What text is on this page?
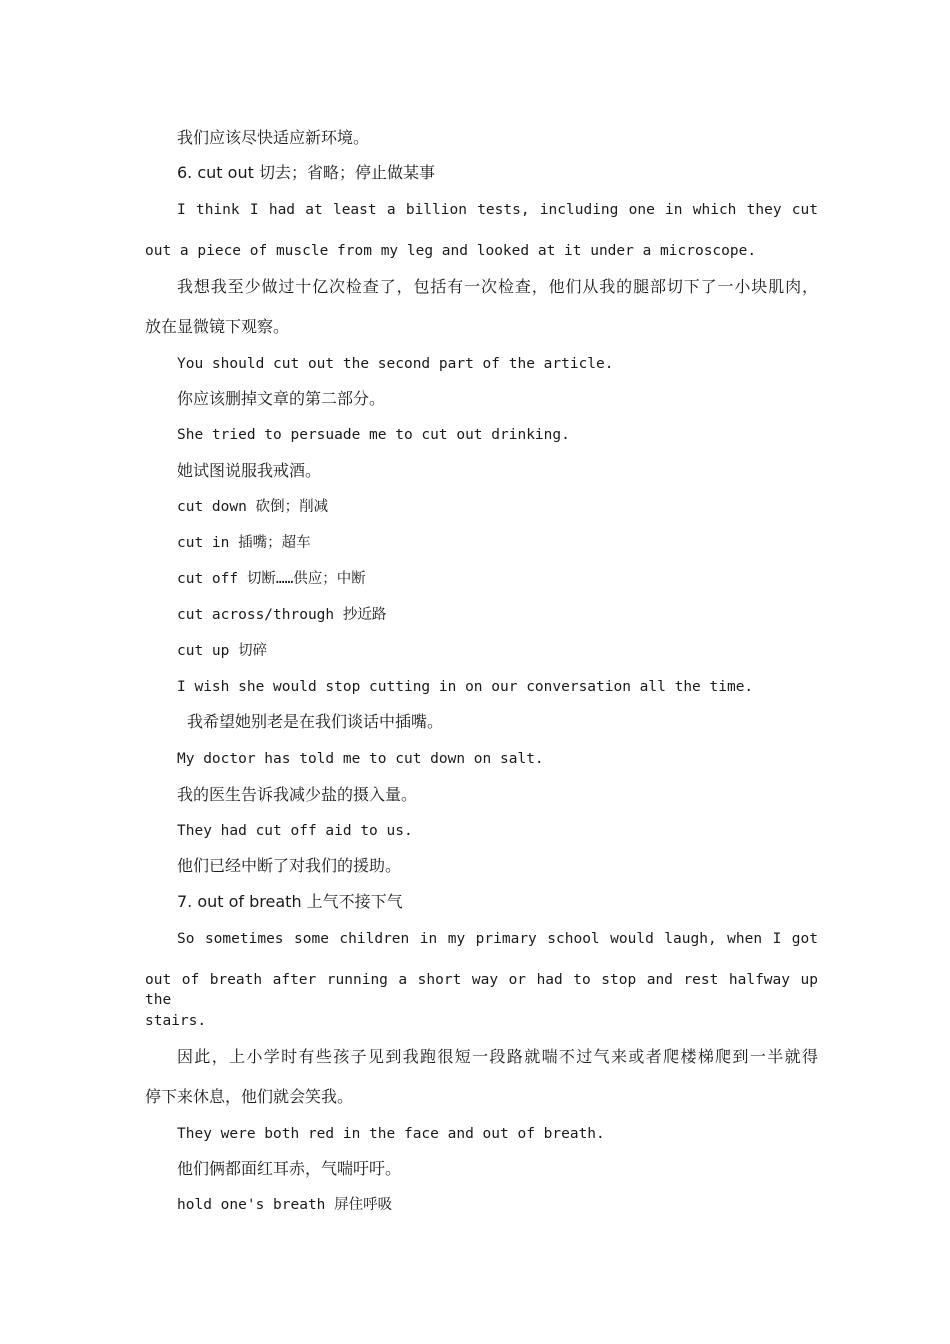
我们应该尽快适应新环境。
6. cut out 切去；省略；停止做某事
I think I had at least a billion tests, including one in which they cut
out a piece of muscle from my leg and looked at it under a microscope.
我想我至少做过十亿次检查了，包括有一次检查，他们从我的腿部切下了一小块肌肉，
放在显微镜下观察。
You should cut out the second part of the article.
你应该删掉文章的第二部分。
She tried to persuade me to cut out drinking.
她试图说服我戒酒。
cut down 砍倒；削减
cut in 插嘴；超车
cut off 切断……供应；中断
cut across/through 抄近路
cut up 切碎
I wish she would stop cutting in on our conversation all the time.
我希望她别老是在我们谈话中插嘴。
My doctor has told me to cut down on salt.
我的医生告诉我减少盐的摄入量。
They had cut off aid to us.
他们已经中断了对我们的援助。
7. out of breath 上气不接下气
So sometimes some children in my primary school would laugh, when I got
out of breath after running a short way or had to stop and rest halfway up the
stairs.
因此，上小学时有些孩子见到我跑很短一段路就喘不过气来或者爬楼梯爬到一半就得
停下来休息，他们就会笑我。
They were both red in the face and out of breath.
他们俩都面红耳赤，气喘吁吁。
hold one's breath 屏住呼吸
